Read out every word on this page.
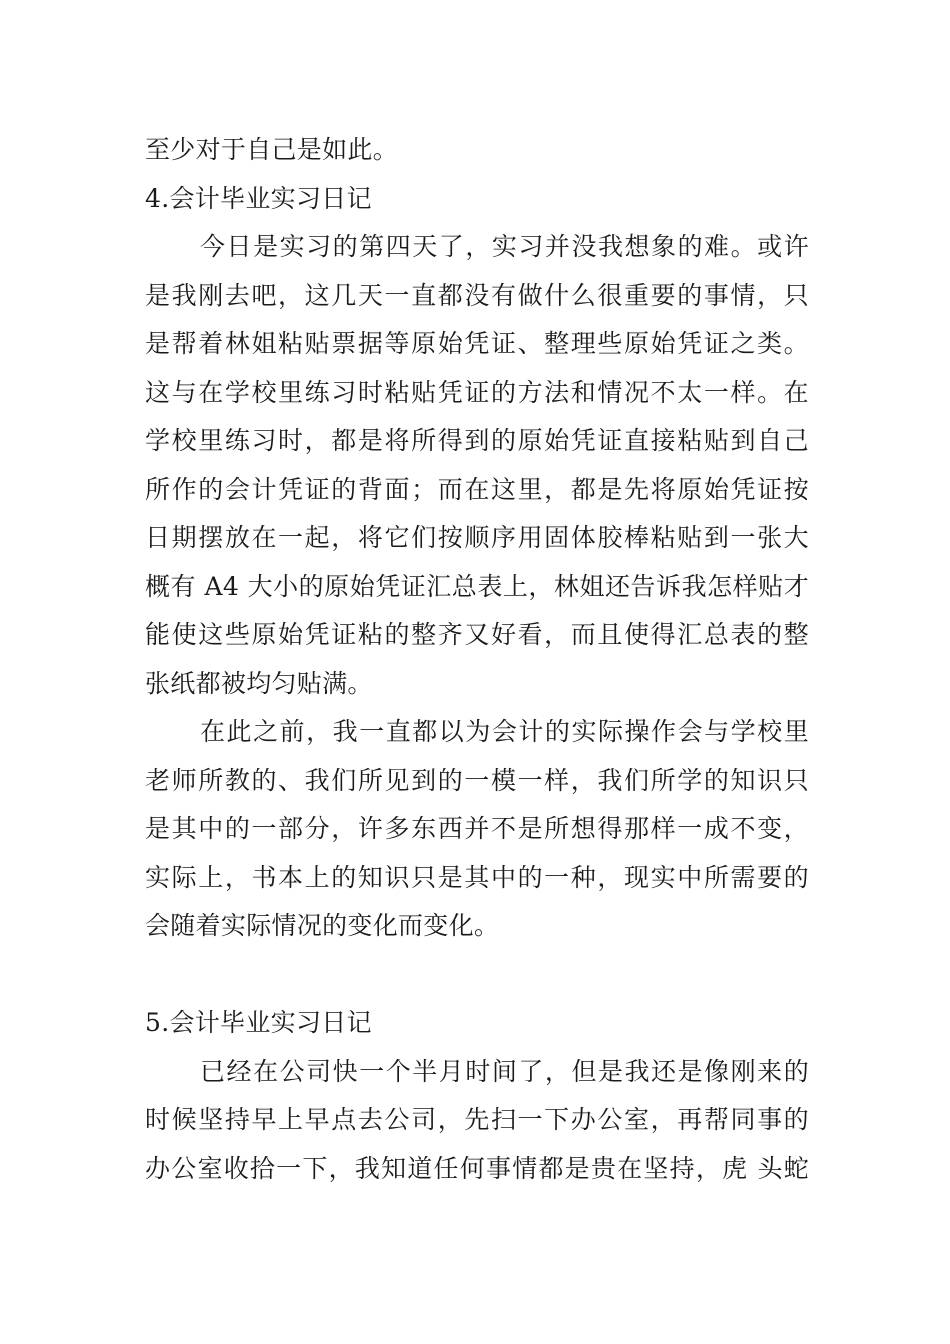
至少对于自己是如此。
4.会计毕业实习日记
今日是实习的第四天了，实习并没我想象的难。或许
是我刚去吧，这几天一直都没有做什么很重要的事情，只
是帮着林姐粘贴票据等原始凭证、整理些原始凭证之类。
这与在学校里练习时粘贴凭证的方法和情况不太一样。在
学校里练习时，都是将所得到的原始凭证直接粘贴到自己
所作的会计凭证的背面；而在这里，都是先将原始凭证按
日期摆放在一起，将它们按顺序用固体胶棒粘贴到一张大
概有 A4 大小的原始凭证汇总表上，林姐还告诉我怎样贴才
能使这些原始凭证粘的整齐又好看，而且使得汇总表的整
张纸都被均匀贴满。
在此之前，我一直都以为会计的实际操作会与学校里
老师所教的、我们所见到的一模一样，我们所学的知识只
是其中的一部分，许多东西并不是所想得那样一成不变，
实际上，书本上的知识只是其中的一种，现实中所需要的
会随着实际情况的变化而变化。
5.会计毕业实习日记
已经在公司快一个半月时间了，但是我还是像刚来的
时候坚持早上早点去公司，先扫一下办公室，再帮同事的
办公室收拾一下，我知道任何事情都是贵在坚持，虎 头蛇
